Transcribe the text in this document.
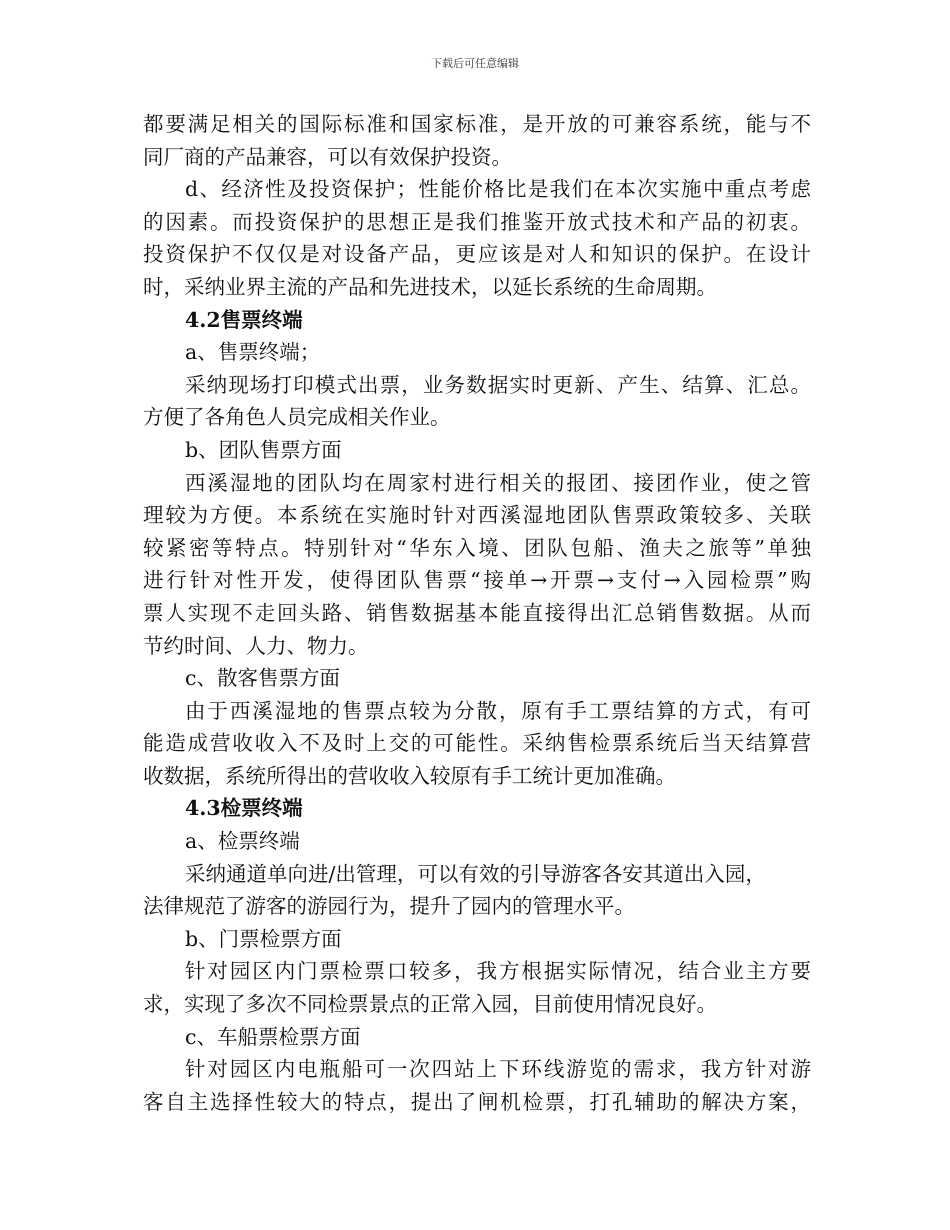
下载后可任意编辑
都要满足相关的国际标准和国家标准，是开放的可兼容系统，能与不
同厂商的产品兼容，可以有效保护投资。
d、经济性及投资保护；性能价格比是我们在本次实施中重点考虑
的因素。而投资保护的思想正是我们推鉴开放式技术和产品的初衷。
投资保护不仅仅是对设备产品，更应该是对人和知识的保护。在设计
时，采纳业界主流的产品和先进技术，以延长系统的生命周期。
4.2售票终端
a、售票终端；
采纳现场打印模式出票，业务数据实时更新、产生、结算、汇总。
方便了各角色人员完成相关作业。
b、团队售票方面
西溪湿地的团队均在周家村进行相关的报团、接团作业，使之管
理较为方便。本系统在实施时针对西溪湿地团队售票政策较多、关联
较紧密等特点。特别针对“华东入境、团队包船、渔夫之旅等”单独
进行针对性开发，使得团队售票“接单→开票→支付→入园检票”购
票人实现不走回头路、销售数据基本能直接得出汇总销售数据。从而
节约时间、人力、物力。
c、散客售票方面
由于西溪湿地的售票点较为分散，原有手工票结算的方式，有可
能造成营收收入不及时上交的可能性。采纳售检票系统后当天结算营
收数据，系统所得出的营收收入较原有手工统计更加准确。
4.3检票终端
a、检票终端
采纳通道单向进/出管理，可以有效的引导游客各安其道出入园，
法律规范了游客的游园行为，提升了园内的管理水平。
b、门票检票方面
针对园区内门票检票口较多，我方根据实际情况，结合业主方要
求，实现了多次不同检票景点的正常入园，目前使用情况良好。
c、车船票检票方面
针对园区内电瓶船可一次四站上下环线游览的需求，我方针对游
客自主选择性较大的特点，提出了闸机检票，打孔辅助的解决方案，
